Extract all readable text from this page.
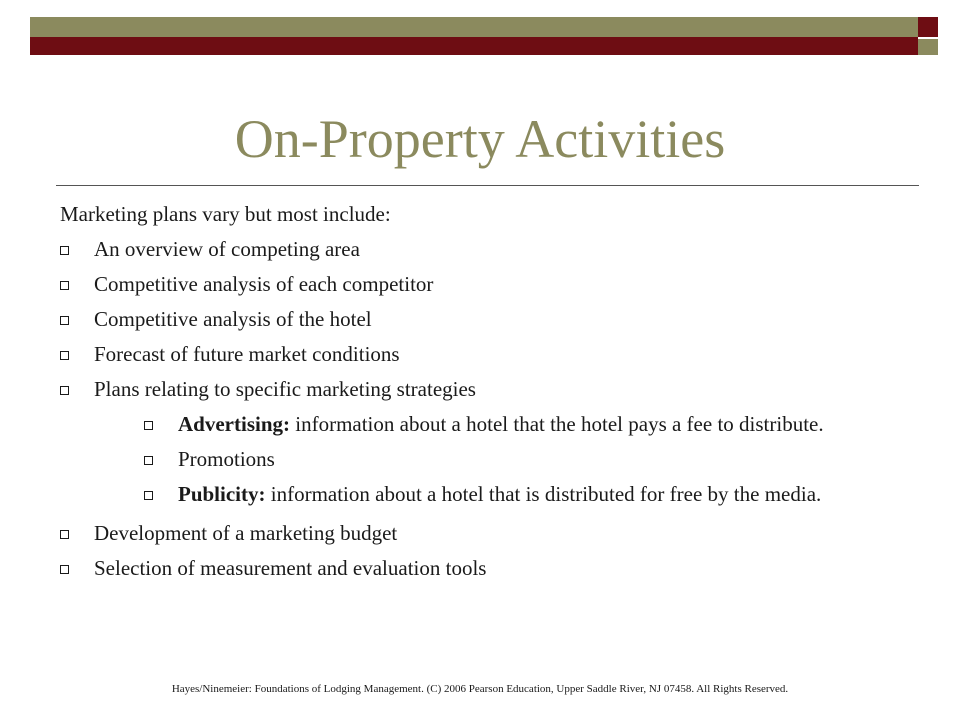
On-Property Activities
Marketing plans vary but most include:
An overview of competing area
Competitive analysis of each competitor
Competitive analysis of the hotel
Forecast of future market conditions
Plans relating to specific marketing strategies
Advertising: information about a hotel that the hotel pays a fee to distribute.
Promotions
Publicity: information about a hotel that is distributed for free by the media.
Development of a marketing budget
Selection of measurement and evaluation tools
Hayes/Ninemeier: Foundations of Lodging Management. (C) 2006 Pearson Education, Upper Saddle River, NJ 07458. All Rights Reserved.
